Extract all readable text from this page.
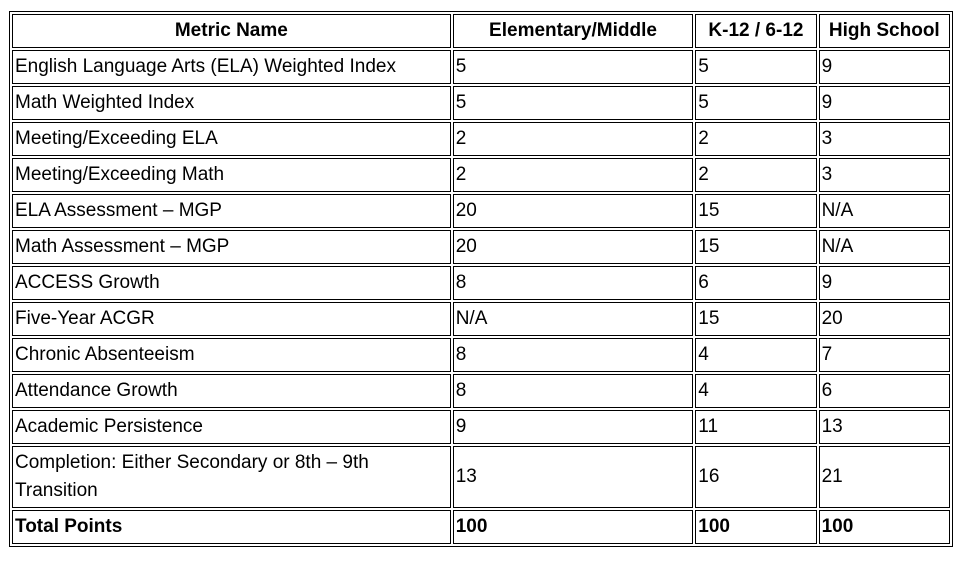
Metric Name	Elementary/Middle	K-12 / 6-12	High School
English Language Arts (ELA) Weighted Index	5	5	9
Math Weighted Index	5	5	9
Meeting/Exceeding ELA	2	2	3
Meeting/Exceeding Math	2	2	3
ELA Assessment – MGP	20	15	N/A
Math Assessment – MGP	20	15	N/A
ACCESS Growth	8	6	9
Five-Year ACGR	N/A	15	20
Chronic Absenteeism	8	4	7
Attendance Growth	8	4	6
Academic Persistence	9	11	13
Completion: Either Secondary or 8th – 9th Transition	13	16	21
Total Points	100	100	100
